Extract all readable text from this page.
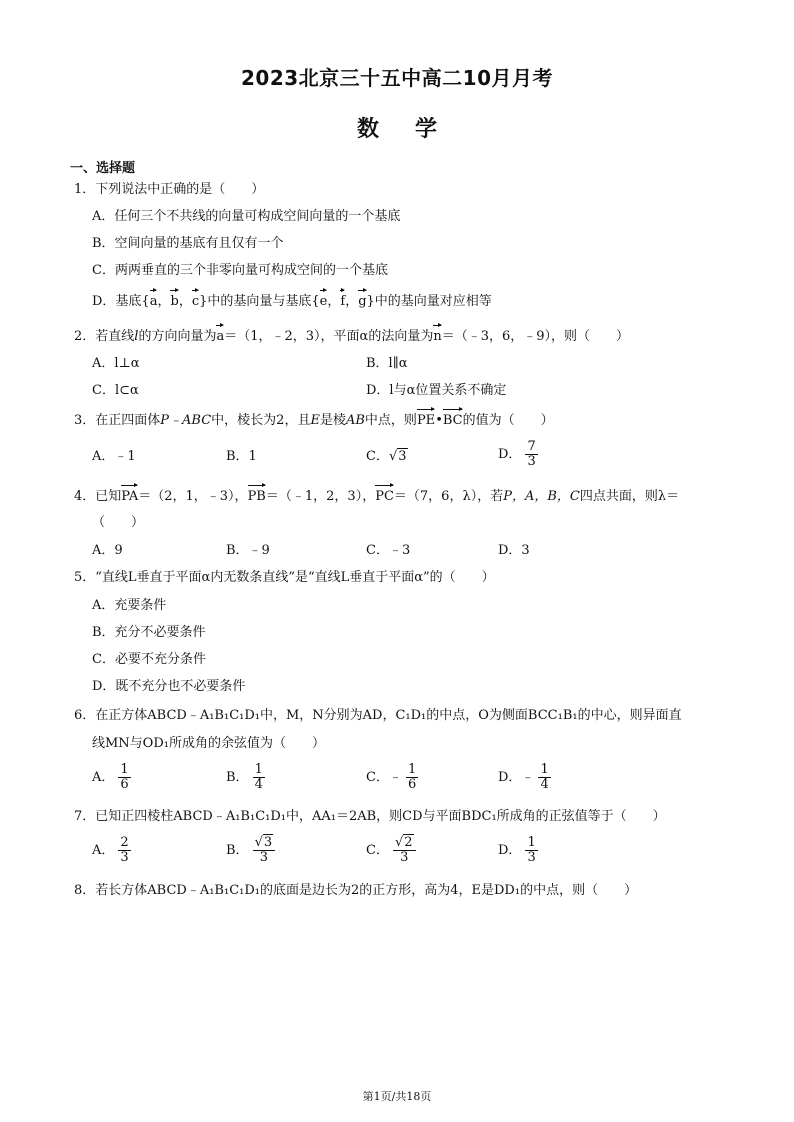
2023北京三十五中高二10月月考
数学
一、选择题
1．下列说法中正确的是（　　）
A．任何三个不共线的向量可构成空间向量的一个基底
B．空间向量的基底有且仅有一个
C．两两垂直的三个非零向量可构成空间的一个基底
D．基底{a，b，c}中的基向量与基底{e，f，g}中的基向量对应相等
2．若直线l的方向向量为a＝（1，﹣2，3），平面α的法向量为n＝（﹣3，6，﹣9），则（　　）
A．l⊥α	B．l∥α
C．l⊂α	D．l与α位置关系不确定
3．在正四面体P﹣ABC中，棱长为2，且E是棱AB中点，则PE•BC的值为（　　）
A．﹣1	B．1	C．√3	D． $\frac{7}{3}$
4．已知PA＝（2，1，﹣3），PB＝（﹣1，2，3），PC＝（7，6，λ），若P，A，B，C四点共面，则λ＝
（　　）
A．9	B．﹣9	C．﹣3	D．3
5．“直线L垂直于平面α内无数条直线”是“直线L垂直于平面α”的（　　）
A．充要条件
B．充分不必要条件
C．必要不充分条件
D．既不充分也不必要条件
6．在正方体ABCD﹣A₁B₁C₁D₁中，M，N分别为AD，C₁D₁的中点，O为侧面BCC₁B₁的中心，则异面直
线MN与OD₁所成角的余弦值为（　　）
A． $\frac{1}{6}$	B． $\frac{1}{4}$	C．﹣ $\frac{1}{6}$	D．﹣ $\frac{1}{4}$
7．已知正四棱柱ABCD﹣A₁B₁C₁D₁中，AA₁＝2AB，则CD与平面BDC₁所成角的正弦值等于（　　）
A． $\frac{2}{3}$	B． $\frac{√3}{3}$	C． $\frac{√2}{3}$	D． $\frac{1}{3}$
8．若长方体ABCD﹣A₁B₁C₁D₁的底面是边长为2的正方形，高为4，E是DD₁的中点，则（　　）
第1页/共18页
